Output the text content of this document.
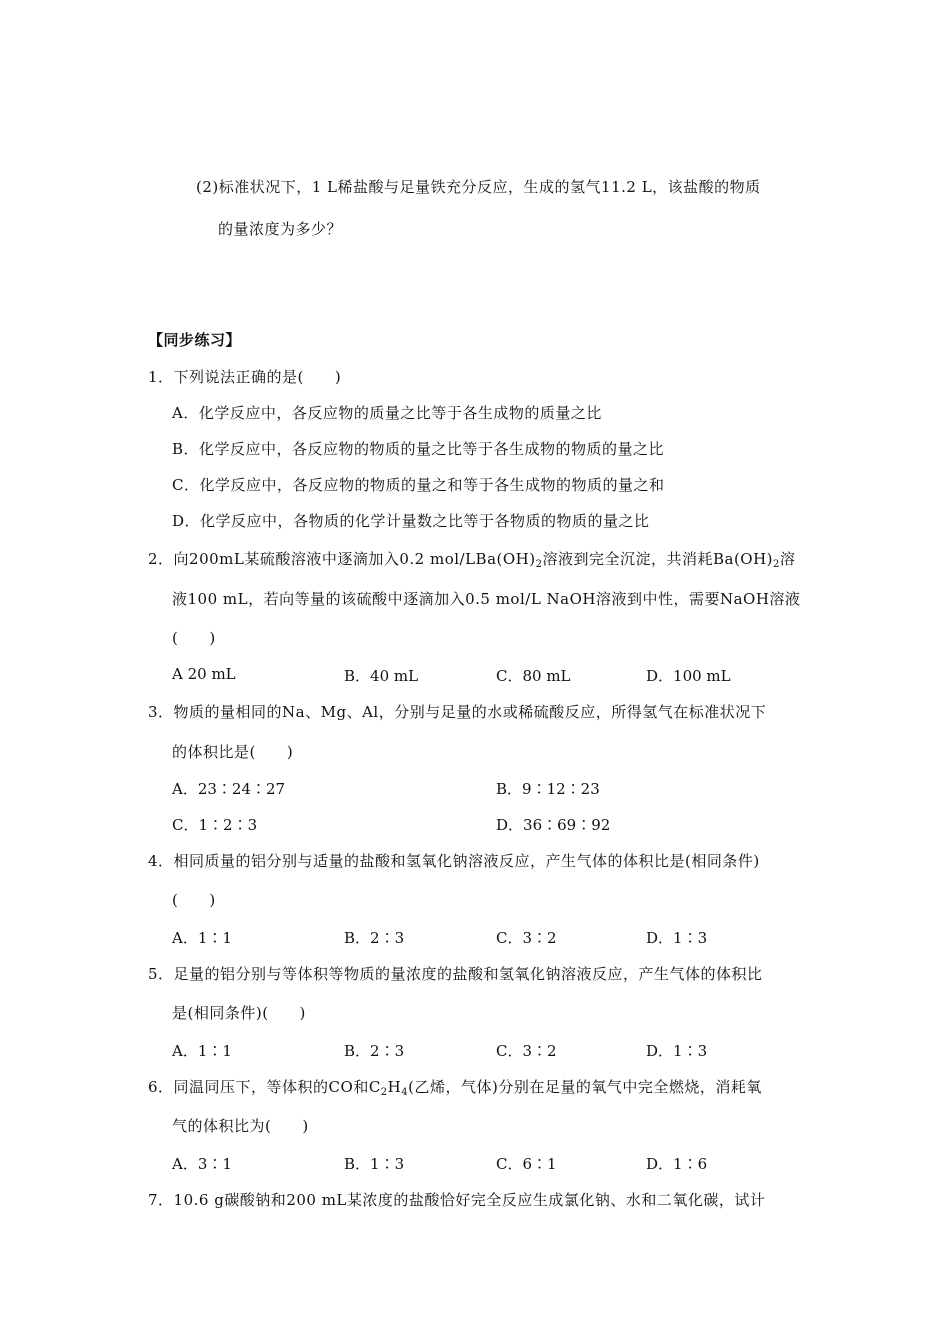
(2)标准状况下，1 L稀盐酸与足量铁充分反应，生成的氢气11.2 L，该盐酸的物质
的量浓度为多少？
【同步练习】
1．下列说法正确的是(　　)
A．化学反应中，各反应物的质量之比等于各生成物的质量之比
B．化学反应中，各反应物的物质的量之比等于各生成物的物质的量之比
C．化学反应中，各反应物的物质的量之和等于各生成物的物质的量之和
D．化学反应中，各物质的化学计量数之比等于各物质的物质的量之比
2．向200mL某硫酸溶液中逐滴加入0.2 mol/$LBa(OH)_2$溶液到完全沉淀，共消耗$Ba(OH)_2$溶
液100 mL，若向等量的该硫酸中逐滴加入0.5 mol/L NaOH溶液到中性，需要NaOH溶液
(　　)
A 20 mL	B．40 mL	C．80 mL	D．100 mL
3．物质的量相同的Na、Mg、Al，分别与足量的水或稀硫酸反应，所得氢气在标准状况下
的体积比是(　　)
A．23∶24∶27	B．9∶12∶23
C．1∶2∶3	D．36∶69∶92
4．相同质量的铝分别与适量的盐酸和氢氧化钠溶液反应，产生气体的体积比是(相同条件)
(　　)
A．1∶1	B．2∶3	C．3∶2	D．1∶3
5．足量的铝分别与等体积等物质的量浓度的盐酸和氢氧化钠溶液反应，产生气体的体积比
是(相同条件)(　　)
A．1∶1	B．2∶3	C．3∶2	D．1∶3
6．同温同压下，等体积的CO和$C_2H_4$(乙烯，气体)分别在足量的氧气中完全燃烧，消耗氧
气的体积比为(　　)
A．3∶1	B．1∶3	C．6∶1	D．1∶6
7．10.6 g碳酸钠和200 mL某浓度的盐酸恰好完全反应生成氯化钠、水和二氧化碳，试计
